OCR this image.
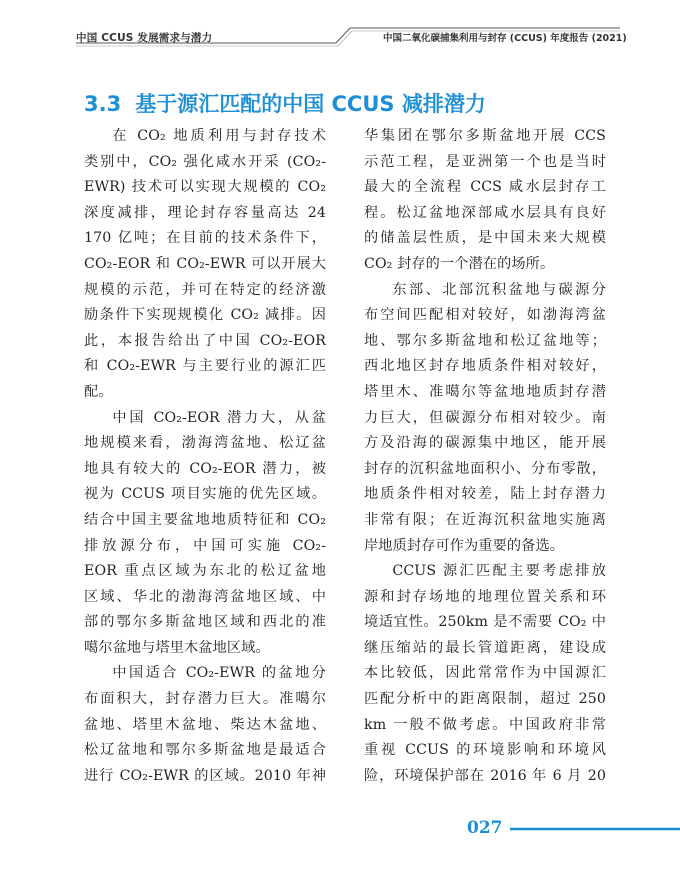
中国 CCUS 发展需求与潜力	中国二氧化碳捕集利用与封存 (CCUS) 年度报告 (2021)
3.3 基于源汇匹配的中国 CCUS 减排潜力
在 CO₂ 地质利用与封存技术
类别中，CO₂ 强化咸水开采 (CO₂-
EWR) 技术可以实现大规模的 CO₂
深度减排，理论封存容量高达 24
170 亿吨；在目前的技术条件下，
CO₂-EOR 和 CO₂-EWR 可以开展大
规模的示范，并可在特定的经济激
励条件下实现规模化 CO₂ 减排。因
此，本报告给出了中国 CO₂-EOR
和 CO₂-EWR 与主要行业的源汇匹
配。
中国 CO₂-EOR 潜力大，从盆
地规模来看，渤海湾盆地、松辽盆
地具有较大的 CO₂-EOR 潜力，被
视为 CCUS 项目实施的优先区域。
结合中国主要盆地地质特征和 CO₂
排放源分布，中国可实施 CO₂-
EOR 重点区域为东北的松辽盆地
区域、华北的渤海湾盆地区域、中
部的鄂尔多斯盆地区域和西北的准
噶尔盆地与塔里木盆地区域。
中国适合 CO₂-EWR 的盆地分
布面积大，封存潜力巨大。准噶尔
盆地、塔里木盆地、柴达木盆地、
松辽盆地和鄂尔多斯盆地是最适合
进行 CO₂-EWR 的区域。2010 年神
华集团在鄂尔多斯盆地开展 CCS
示范工程，是亚洲第一个也是当时
最大的全流程 CCS 咸水层封存工
程。松辽盆地深部咸水层具有良好
的储盖层性质，是中国未来大规模
CO₂ 封存的一个潜在的场所。
东部、北部沉积盆地与碳源分
布空间匹配相对较好，如渤海湾盆
地、鄂尔多斯盆地和松辽盆地等；
西北地区封存地质条件相对较好，
塔里木、准噶尔等盆地地质封存潜
力巨大，但碳源分布相对较少。南
方及沿海的碳源集中地区，能开展
封存的沉积盆地面积小、分布零散，
地质条件相对较差，陆上封存潜力
非常有限；在近海沉积盆地实施离
岸地质封存可作为重要的备选。
CCUS 源汇匹配主要考虑排放
源和封存场地的地理位置关系和环
境适宜性。250km 是不需要 CO₂ 中
继压缩站的最长管道距离，建设成
本比较低，因此常常作为中国源汇
匹配分析中的距离限制，超过 250
km 一般不做考虑。中国政府非常
重视 CCUS 的环境影响和环境风
险，环境保护部在 2016 年 6 月 20
027
